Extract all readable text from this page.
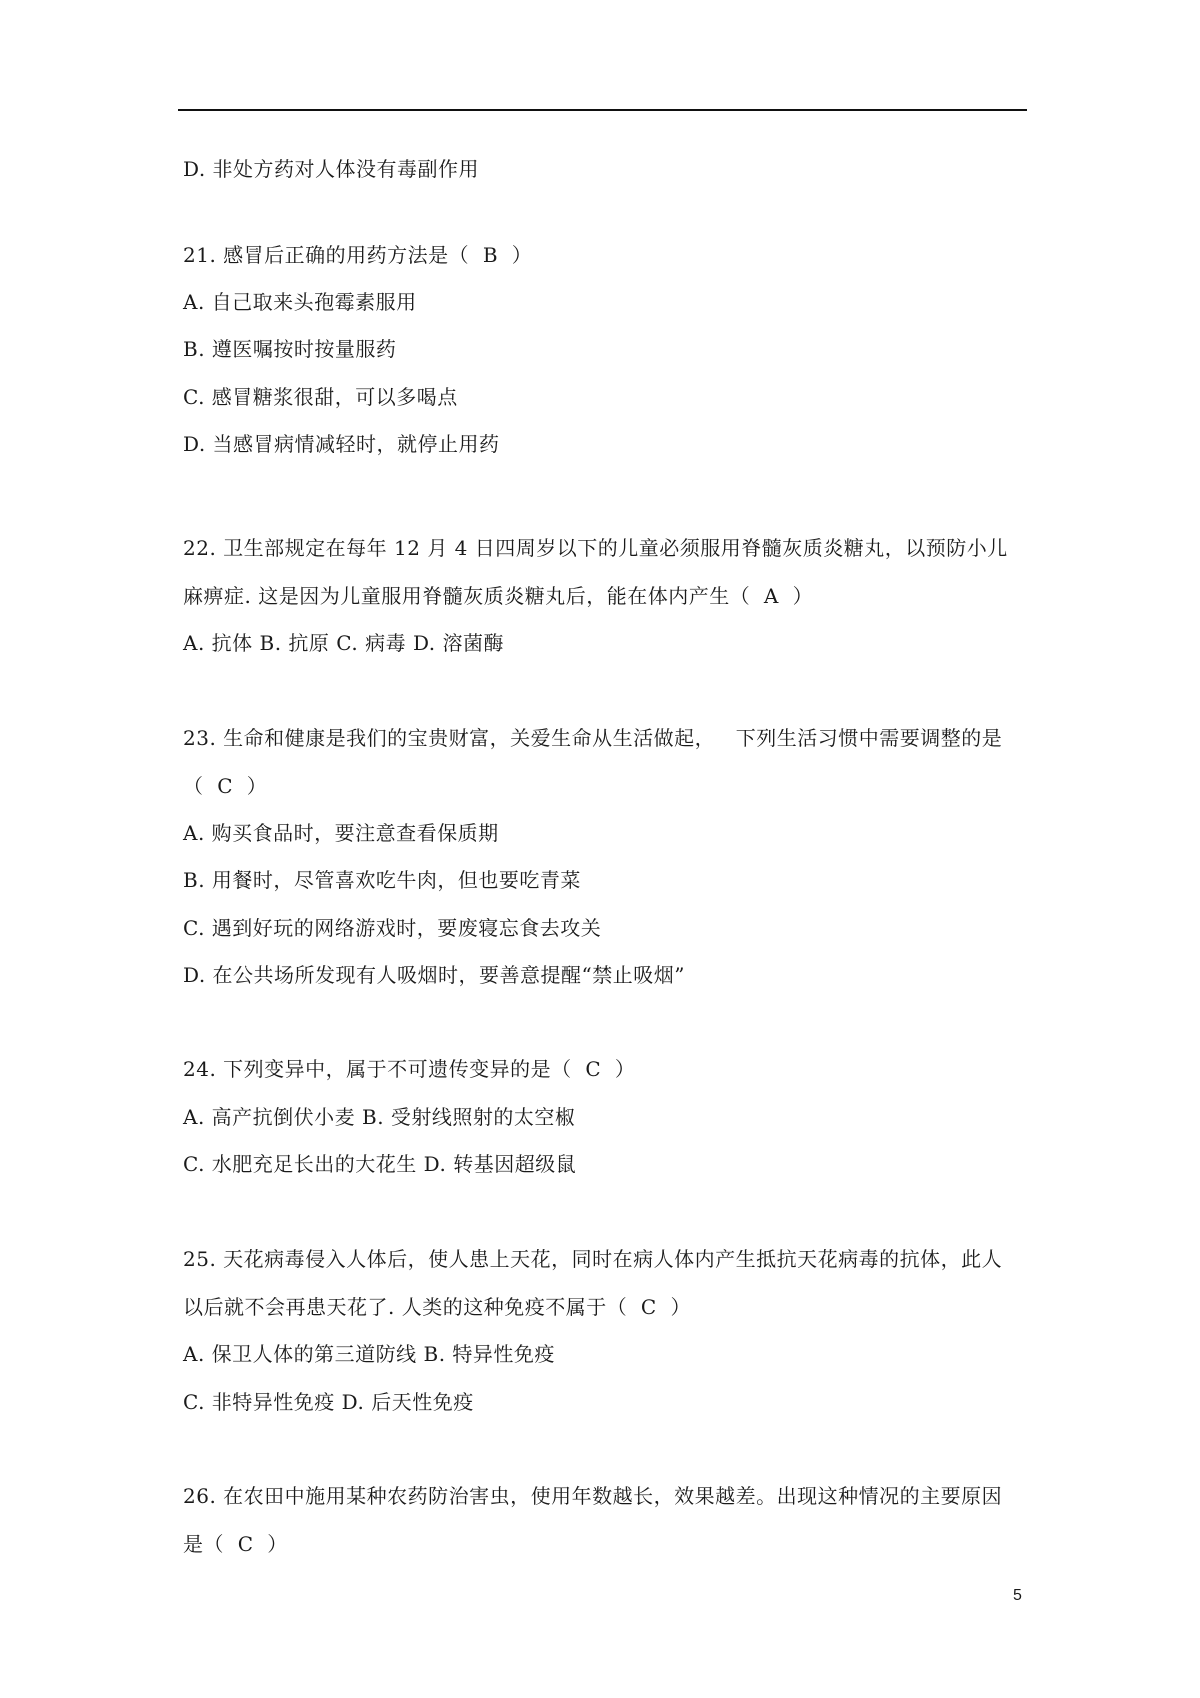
D. 非处方药对人体没有毒副作用
21. 感冒后正确的用药方法是（  B  ）
A. 自己取来头孢霉素服用
B. 遵医嘱按时按量服药
C. 感冒糖浆很甜，可以多喝点
D. 当感冒病情减轻时，就停止用药
22. 卫生部规定在每年 12 月 4 日四周岁以下的儿童必须服用脊髓灰质炎糖丸，以预防小儿
麻痹症. 这是因为儿童服用脊髓灰质炎糖丸后，能在体内产生（  A  ）
A. 抗体 B. 抗原 C. 病毒 D. 溶菌酶
23. 生命和健康是我们的宝贵财富，关爱生命从生活做起，   下列生活习惯中需要调整的是
（  C  ）
A. 购买食品时，要注意查看保质期
B. 用餐时，尽管喜欢吃牛肉，但也要吃青菜
C. 遇到好玩的网络游戏时，要废寝忘食去攻关
D. 在公共场所发现有人吸烟时，要善意提醒“禁止吸烟”
24. 下列变异中，属于不可遗传变异的是（  C  ）
A. 高产抗倒伏小麦 B. 受射线照射的太空椒
C. 水肥充足长出的大花生 D. 转基因超级鼠
25. 天花病毒侵入人体后，使人患上天花，同时在病人体内产生抵抗天花病毒的抗体，此人
以后就不会再患天花了. 人类的这种免疫不属于（  C  ）
A. 保卫人体的第三道防线 B. 特异性免疫
C. 非特异性免疫 D. 后天性免疫
26. 在农田中施用某种农药防治害虫，使用年数越长，效果越差。出现这种情况的主要原因
是（  C  ）
5
